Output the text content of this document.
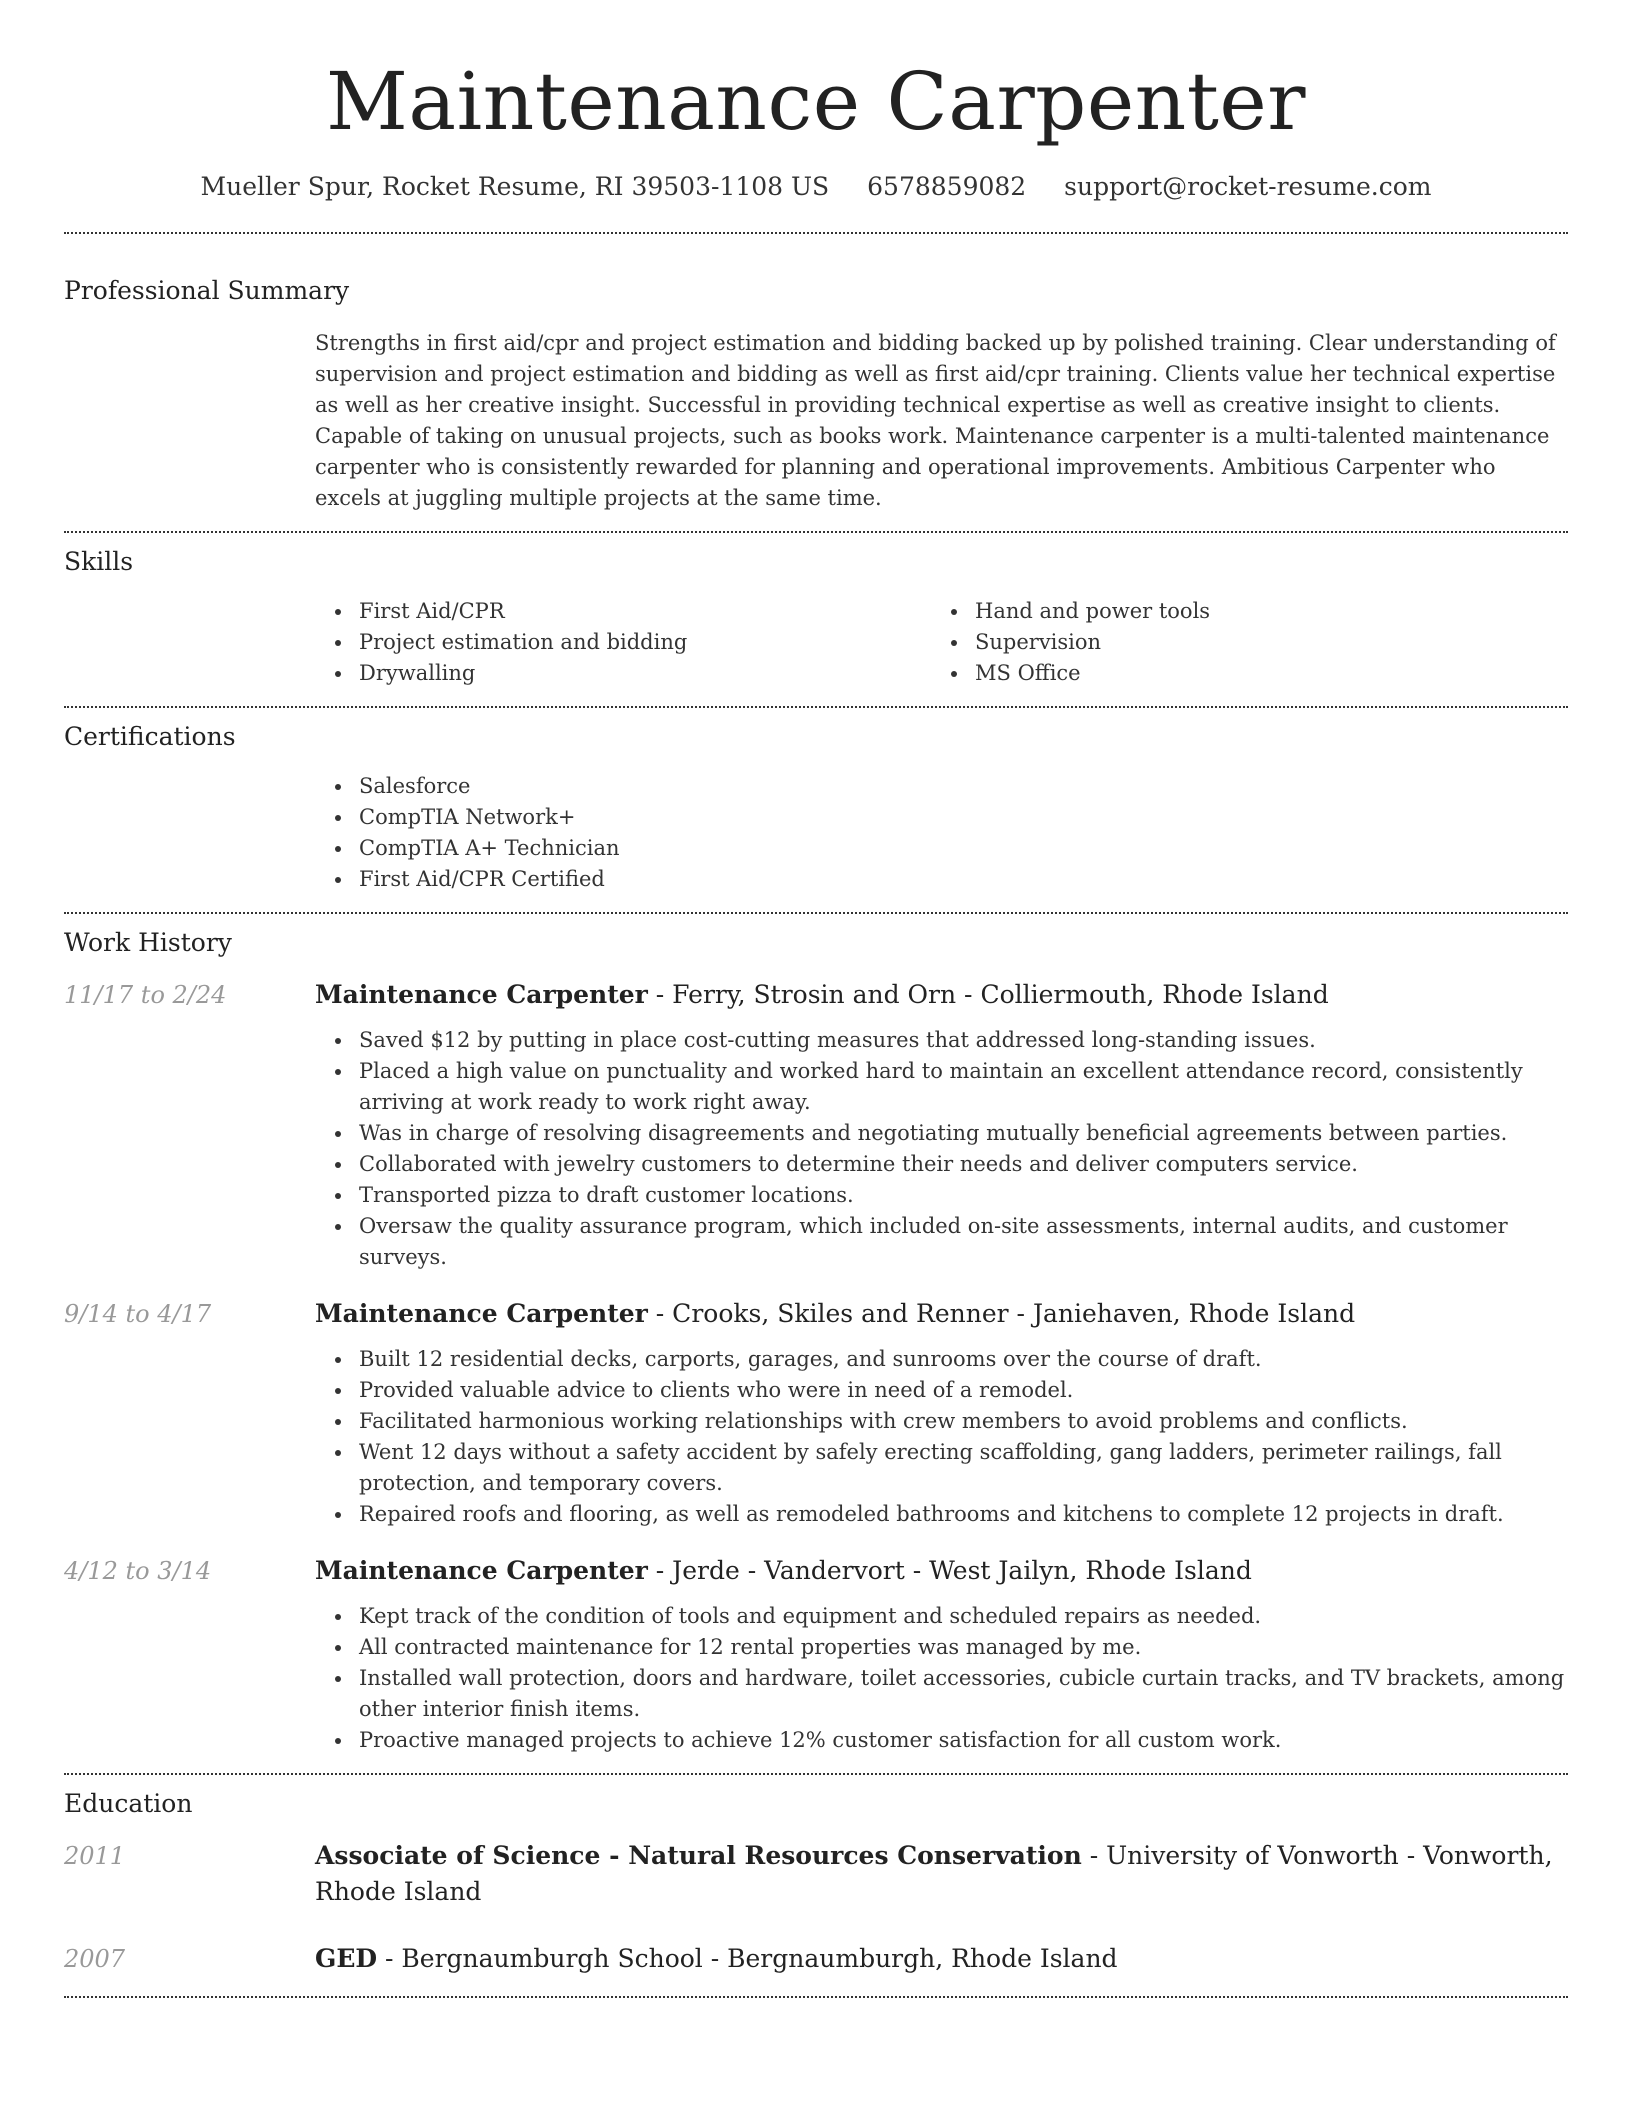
Maintenance Carpenter
Mueller Spur, Rocket Resume, RI 39503-1108 US 6578859082 support@rocket-resume.com
Professional Summary

Strengths in first aid/cpr and project estimation and bidding backed up by polished training. Clear understanding of supervision and project estimation and bidding as well as first aid/cpr training. Clients value her technical expertise as well as her creative insight. Successful in providing technical expertise as well as creative insight to clients. Capable of taking on unusual projects, such as books work. Maintenance carpenter is a multi-talented maintenance carpenter who is consistently rewarded for planning and operational improvements. Ambitious Carpenter who excels at juggling multiple projects at the same time.

Skills
First Aid/CPR
Project estimation and bidding
Drywalling
Hand and power tools
Supervision
MS Office
Certifications
Salesforce
CompTIA Network+
CompTIA A+ Technician
First Aid/CPR Certified
Work History
11/17 to 2/24	Maintenance Carpenter - Ferry, Strosin and Orn - Colliermouth, Rhode Island
Saved $12 by putting in place cost-cutting measures that addressed long-standing issues.
Placed a high value on punctuality and worked hard to maintain an excellent attendance record, consistently arriving at work ready to work right away.
Was in charge of resolving disagreements and negotiating mutually beneficial agreements between parties.
Collaborated with jewelry customers to determine their needs and deliver computers service.
Transported pizza to draft customer locations.
Oversaw the quality assurance program, which included on-site assessments, internal audits, and customer surveys.
9/14 to 4/17	Maintenance Carpenter - Crooks, Skiles and Renner - Janiehaven, Rhode Island
Built 12 residential decks, carports, garages, and sunrooms over the course of draft.
Provided valuable advice to clients who were in need of a remodel.
Facilitated harmonious working relationships with crew members to avoid problems and conflicts.
Went 12 days without a safety accident by safely erecting scaffolding, gang ladders, perimeter railings, fall protection, and temporary covers.
Repaired roofs and flooring, as well as remodeled bathrooms and kitchens to complete 12 projects in draft.
4/12 to 3/14	Maintenance Carpenter - Jerde - Vandervort - West Jailyn, Rhode Island
Kept track of the condition of tools and equipment and scheduled repairs as needed.
All contracted maintenance for 12 rental properties was managed by me.
Installed wall protection, doors and hardware, toilet accessories, cubicle curtain tracks, and TV brackets, among other interior finish items.
Proactive managed projects to achieve 12% customer satisfaction for all custom work.
Education
2011	Associate of Science - Natural Resources Conservation - University of Vonworth - Vonworth, Rhode Island
2007	GED - Bergnaumburgh School - Bergnaumburgh, Rhode Island
